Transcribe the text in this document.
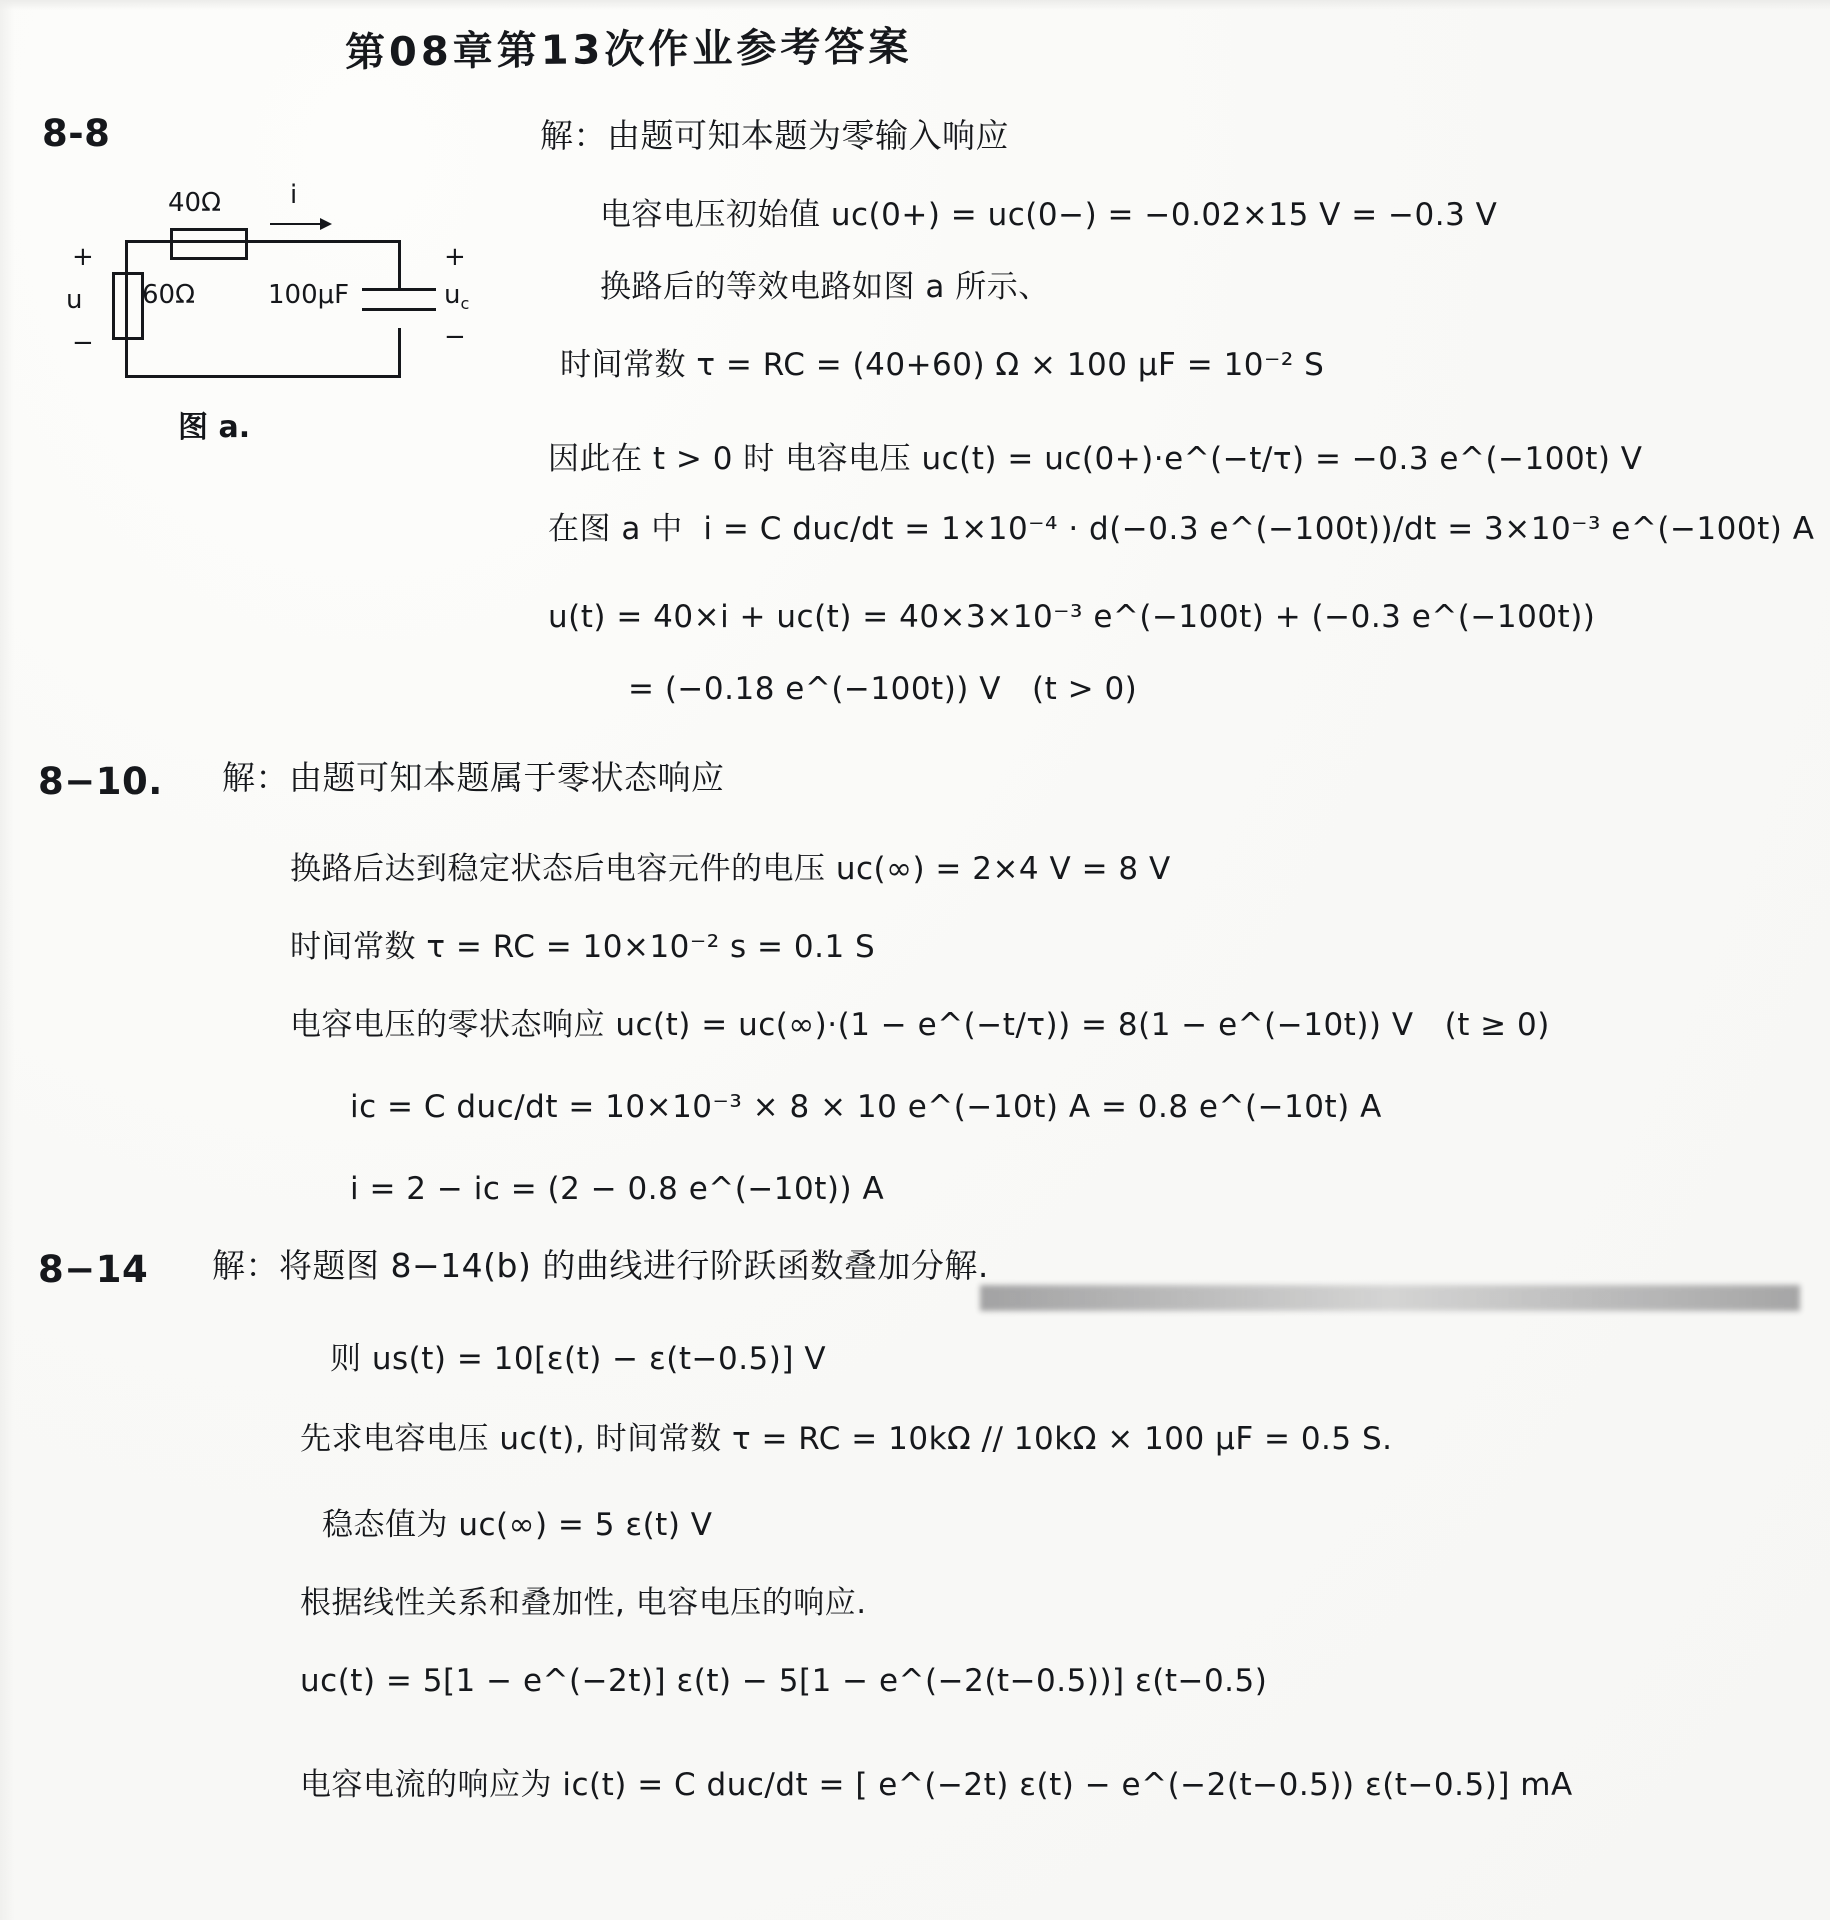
第08章第13次作业参考答案
8-8
40Ω	i
60Ω
+
u
−
100μF
+
$u_c$
−
图 a.
解：由题可知本题为零输入响应
电容电压初始值 uc(0+) = uc(0−) = −0.02×15 V = −0.3 V
换路后的等效电路如图 a 所示、
时间常数 τ = RC = (40+60) Ω × 100 μF = 10⁻² S
因此在 t > 0 时 电容电压 uc(t) = uc(0+)·e^(−t/τ) = −0.3 e^(−100t) V
在图 a 中  i = C duc/dt = 1×10⁻⁴ · d(−0.3 e^(−100t))/dt = 3×10⁻³ e^(−100t) A
u(t) = 40×i + uc(t) = 40×3×10⁻³ e^(−100t) + (−0.3 e^(−100t))
= (−0.18 e^(−100t)) V   (t > 0)
8−10. 解：由题可知本题属于零状态响应
换路后达到稳定状态后电容元件的电压 uc(∞) = 2×4 V = 8 V
时间常数 τ = RC = 10×10⁻² s = 0.1 S
电容电压的零状态响应 uc(t) = uc(∞)·(1 − e^(−t/τ)) = 8(1 − e^(−10t)) V   (t ≥ 0)
ic = C duc/dt = 10×10⁻³ × 8 × 10 e^(−10t) A = 0.8 e^(−10t) A
i = 2 − ic = (2 − 0.8 e^(−10t)) A
8−14 解：将题图 8−14(b) 的曲线进行阶跃函数叠加分解.
则 us(t) = 10[ε(t) − ε(t−0.5)] V
先求电容电压 uc(t), 时间常数 τ = RC = 10kΩ // 10kΩ × 100 μF = 0.5 S.
稳态值为 uc(∞) = 5 ε(t) V
根据线性关系和叠加性, 电容电压的响应.
uc(t) = 5[1 − e^(−2t)] ε(t) − 5[1 − e^(−2(t−0.5))] ε(t−0.5)
电容电流的响应为 ic(t) = C duc/dt = [ e^(−2t) ε(t) − e^(−2(t−0.5)) ε(t−0.5)] mA
